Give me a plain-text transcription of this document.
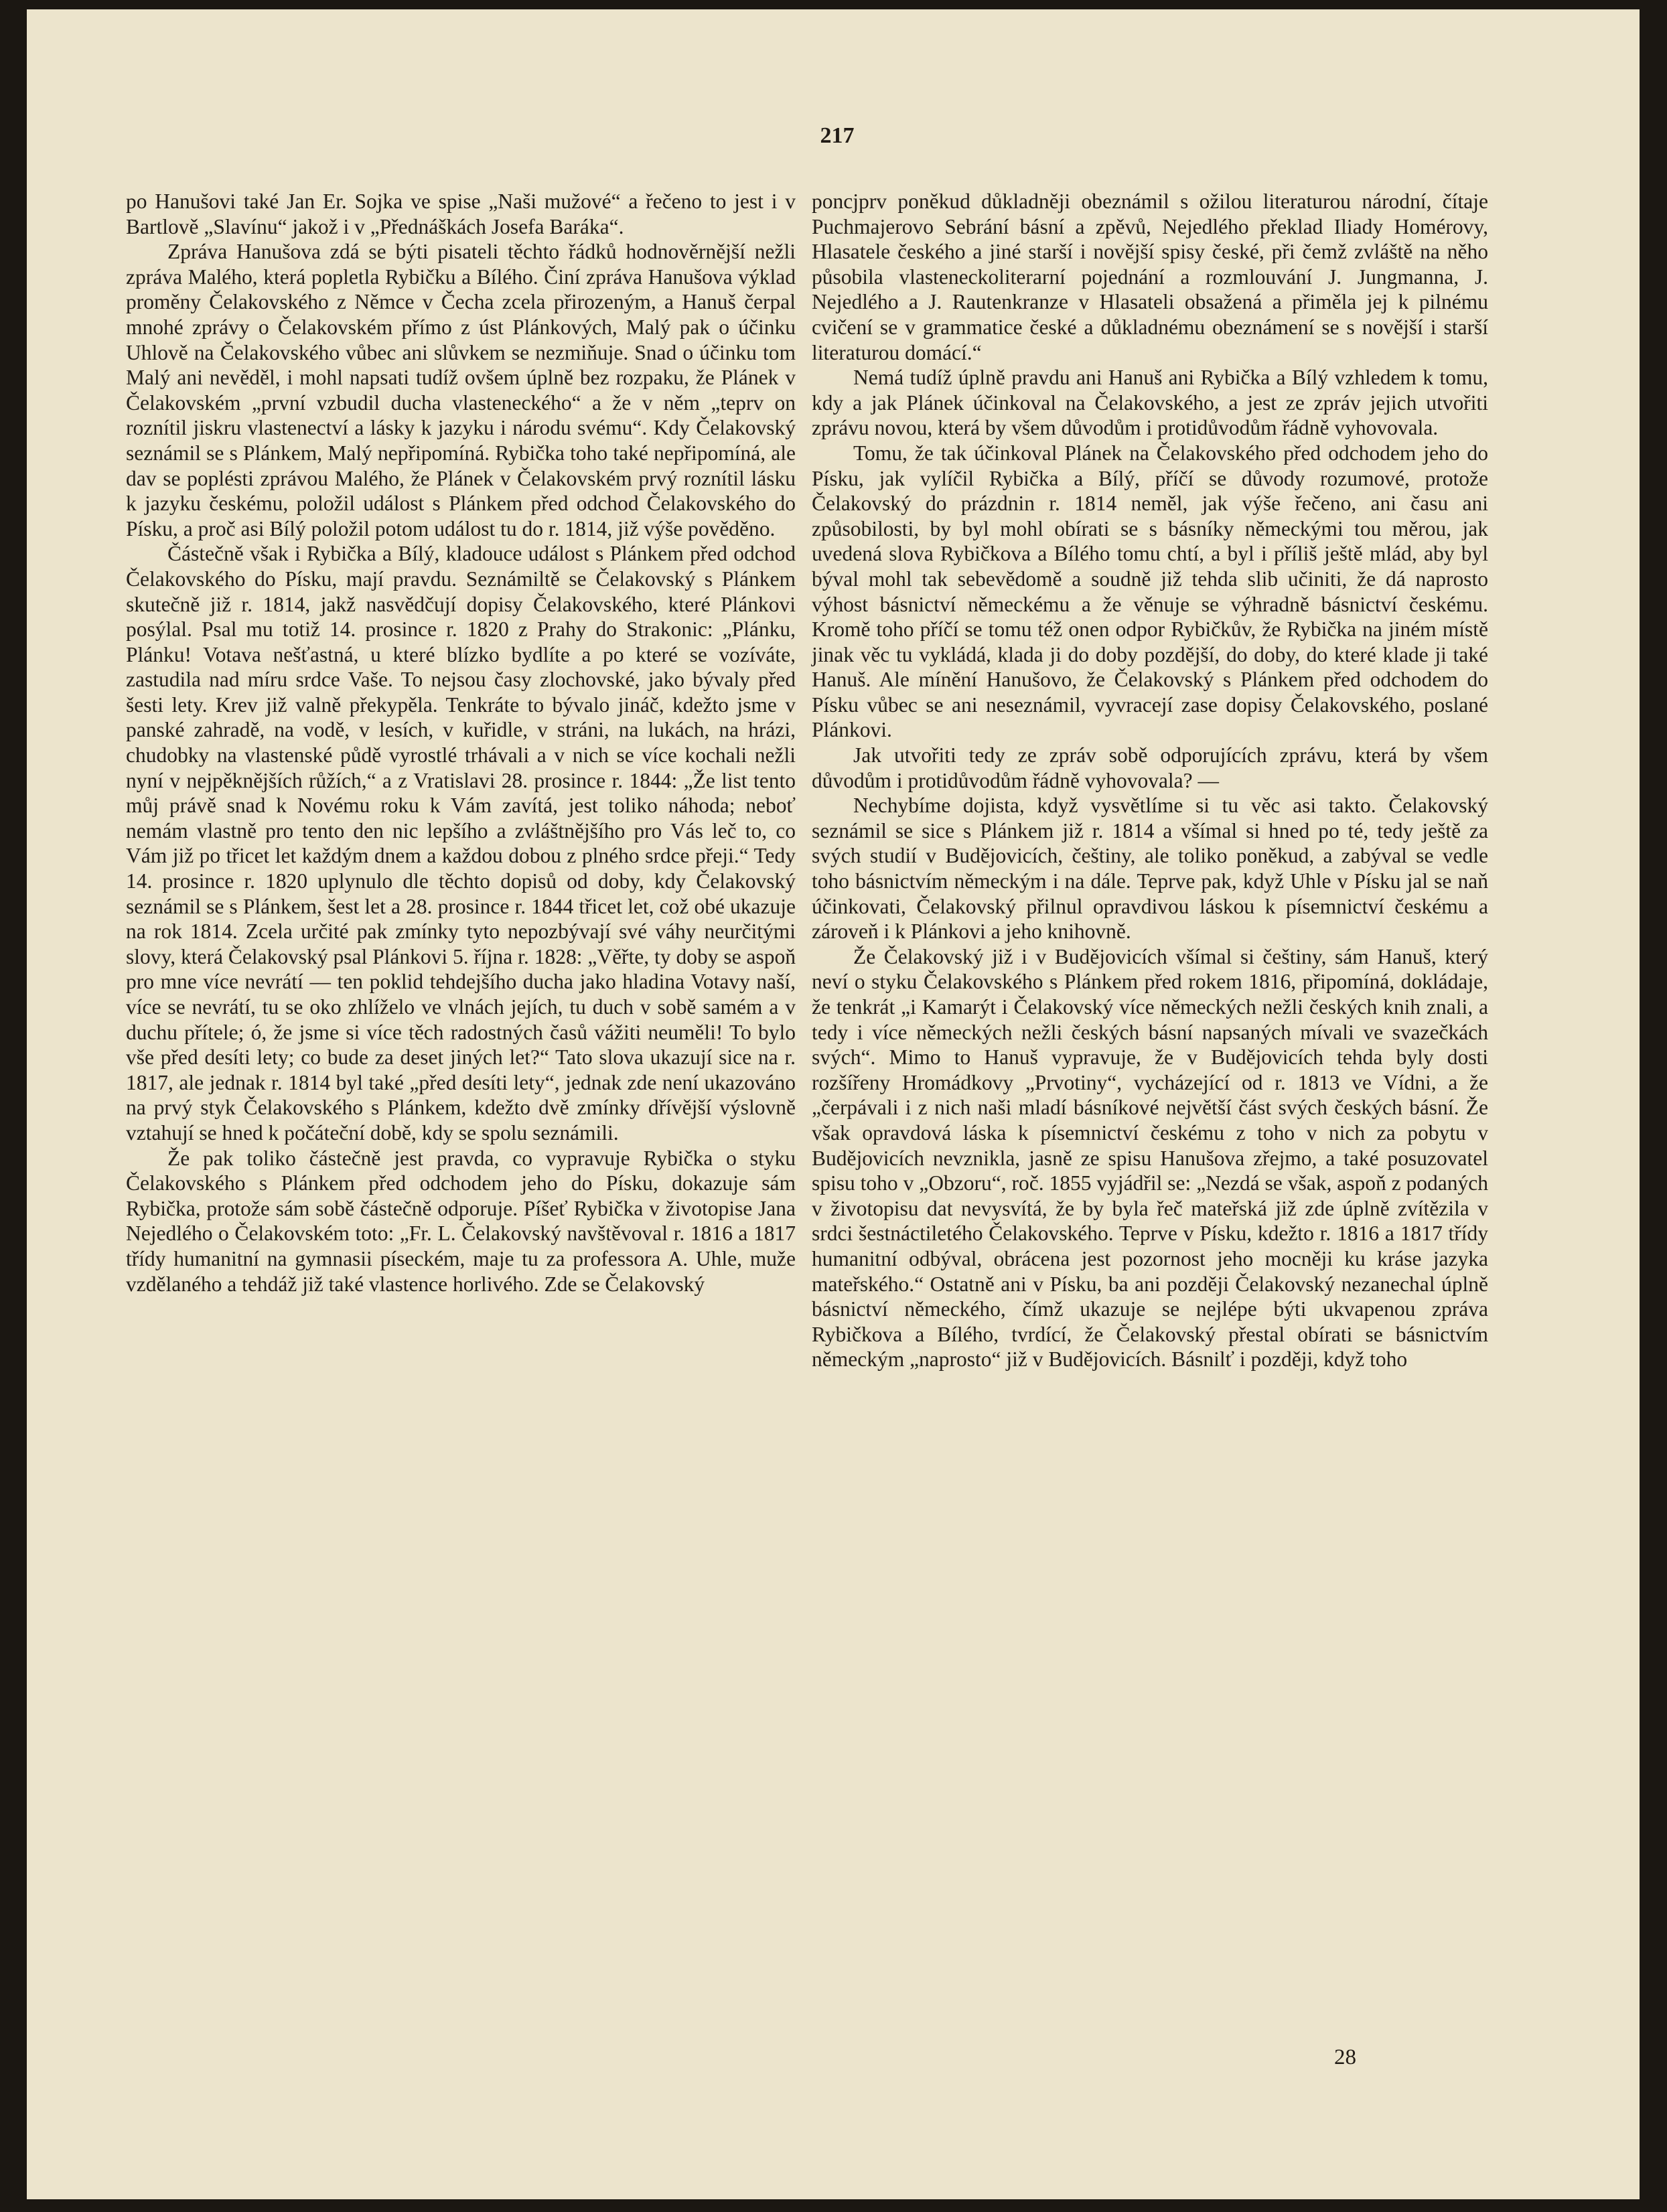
217

po Hanušovi také Jan Er. Sojka ve spise „Naši mužové“ a řečeno to jest i v Bartlově „Slavínu“ jakož i v „Přednáškách Josefa Baráka“.

Zpráva Hanušova zdá se býti pisateli těchto řádků hodnověrnější nežli zpráva Malého, která popletla Rybičku a Bílého. Činí zpráva Hanušova výklad proměny Čelakovského z Němce v Čecha zcela přirozeným, a Hanuš čerpal mnohé zprávy o Čelakovském přímo z úst Plánkových, Malý pak o účinku Uhlově na Čelakovského vůbec ani slůvkem se nezmiňuje. Snad o účinku tom Malý ani nevěděl, i mohl napsati tudíž ovšem úplně bez rozpaku, že Plánek v Čelakovském „první vzbudil ducha vlasteneckého“ a že v něm „teprv on roznítil jiskru vlastenectví a lásky k jazyku i národu svému“. Kdy Čelakovský seznámil se s Plánkem, Malý nepřipomíná. Rybička toho také nepřipomíná, ale dav se poplésti zprávou Malého, že Plánek v Čelakovském prvý roznítil lásku k jazyku českému, položil událost s Plánkem před odchod Čelakovského do Písku, a proč asi Bílý položil potom událost tu do r. 1814, již výše pověděno.

Částečně však i Rybička a Bílý, kladouce událost s Plánkem před odchod Čelakovského do Písku, mají pravdu. Seznámiltě se Čelakovský s Plánkem skutečně již r. 1814, jakž nasvědčují dopisy Čelakovského, které Plánkovi posýlal. Psal mu totiž 14. prosince r. 1820 z Prahy do Strakonic: „Plánku, Plánku! Votava nešťastná, u které blízko bydlíte a po které se vozíváte, zastudila nad míru srdce Vaše. To nejsou časy zlochovské, jako bývaly před šesti lety. Krev již valně překypěla. Tenkráte to bývalo jináč, kdežto jsme v panské zahradě, na vodě, v lesích, v kuřidle, v stráni, na lukách, na hrázi, chudobky na vlastenské půdě vyrostlé trhávali a v nich se více kochali nežli nyní v nejpěknějších růžích,“ a z Vratislavi 28. prosince r. 1844: „Že list tento můj právě snad k Novému roku k Vám zavítá, jest toliko náhoda; neboť nemám vlastně pro tento den nic lepšího a zvláštnějšího pro Vás leč to, co Vám již po třicet let každým dnem a každou dobou z plného srdce přeji.“ Tedy 14. prosince r. 1820 uplynulo dle těchto dopisů od doby, kdy Čelakovský seznámil se s Plánkem, šest let a 28. prosince r. 1844 třicet let, což obé ukazuje na rok 1814. Zcela určité pak zmínky tyto nepozbývají své váhy neurčitými slovy, která Čelakovský psal Plánkovi 5. října r. 1828: „Věřte, ty doby se aspoň pro mne více nevrátí — ten poklid tehdejšího ducha jako hladina Votavy naší, více se nevrátí, tu se oko zhlíželo ve vlnách jejích, tu duch v sobě samém a v duchu přítele; ó, že jsme si více těch radostných časů vážiti neuměli! To bylo vše před desíti lety; co bude za deset jiných let?“ Tato slova ukazují sice na r. 1817, ale jednak r. 1814 byl také „před desíti lety“, jednak zde není ukazováno na prvý styk Čelakovského s Plánkem, kdežto dvě zmínky dřívější výslovně vztahují se hned k počáteční době, kdy se spolu seznámili.

Že pak toliko částečně jest pravda, co vypravuje Rybička o styku Čelakovského s Plánkem před odchodem jeho do Písku, dokazuje sám Rybička, protože sám sobě částečně odporuje. Píšeť Rybička v životopise Jana Nejedlého o Čelakovském toto: „Fr. L. Čelakovský navštěvoval r. 1816 a 1817 třídy humanitní na gymnasii píseckém, maje tu za professora A. Uhle, muže vzdělaného a tehdáž již také vlastence horlivého. Zde se Čelakovský

poncjprv poněkud důkladněji obeznámil s ožilou literaturou národní, čítaje Puchmajerovo Sebrání básní a zpěvů, Nejedlého překlad Iliady Homérovy, Hlasatele českého a jiné starší i novější spisy české, při čemž zvláště na něho působila vlasteneckoliterarní pojednání a rozmlouvání J. Jungmanna, J. Nejedlého a J. Rautenkranze v Hlasateli obsažená a přiměla jej k pilnému cvičení se v grammatice české a důkladnému obeznámení se s novější i starší literaturou domácí.“

Nemá tudíž úplně pravdu ani Hanuš ani Rybička a Bílý vzhledem k tomu, kdy a jak Plánek účinkoval na Čelakovského, a jest ze zpráv jejich utvořiti zprávu novou, která by všem důvodům i protidůvodům řádně vyhovovala.

Tomu, že tak účinkoval Plánek na Čelakovského před odchodem jeho do Písku, jak vylíčil Rybička a Bílý, příčí se důvody rozumové, protože Čelakovský do prázdnin r. 1814 neměl, jak výše řečeno, ani času ani způsobilosti, by byl mohl obírati se s básníky německými tou měrou, jak uvedená slova Rybičkova a Bílého tomu chtí, a byl i příliš ještě mlád, aby byl býval mohl tak sebevědomě a soudně již tehda slib učiniti, že dá naprosto výhost básnictví německému a že věnuje se výhradně básnictví českému. Kromě toho příčí se tomu též onen odpor Rybičkův, že Rybička na jiném místě jinak věc tu vykládá, klada ji do doby pozdější, do doby, do které klade ji také Hanuš. Ale mínění Hanušovo, že Čelakovský s Plánkem před odchodem do Písku vůbec se ani neseznámil, vyvracejí zase dopisy Čelakovského, poslané Plánkovi.

Jak utvořiti tedy ze zpráv sobě odporujících zprávu, která by všem důvodům i protidůvodům řádně vyhovovala? —

Nechybíme dojista, když vysvětlíme si tu věc asi takto. Čelakovský seznámil se sice s Plánkem již r. 1814 a všímal si hned po té, tedy ještě za svých studií v Budějovicích, češtiny, ale toliko poněkud, a zabýval se vedle toho básnictvím německým i na dále. Teprve pak, když Uhle v Písku jal se naň účinkovati, Čelakovský přilnul opravdivou láskou k písemnictví českému a zároveň i k Plánkovi a jeho knihovně.

Že Čelakovský již i v Budějovicích všímal si češtiny, sám Hanuš, který neví o styku Čelakovského s Plánkem před rokem 1816, připomíná, dokládaje, že tenkrát „i Kamarýt i Čelakovský více německých nežli českých knih znali, a tedy i více německých nežli českých básní napsaných mívali ve svazečkách svých“. Mimo to Hanuš vypravuje, že v Budějovicích tehda byly dosti rozšířeny Hromádkovy „Prvotiny“, vycházející od r. 1813 ve Vídni, a že „čerpávali i z nich naši mladí básníkové největší část svých českých básní. Že však opravdová láska k písemnictví českému z toho v nich za pobytu v Budějovicích nevznikla, jasně ze spisu Hanušova zřejmo, a také posuzovatel spisu toho v „Obzoru“, roč. 1855 vyjádřil se: „Nezdá se však, aspoň z podaných v životopisu dat nevysvítá, že by byla řeč mateřská již zde úplně zvítězila v srdci šestnáctiletého Čelakovského. Teprve v Písku, kdežto r. 1816 a 1817 třídy humanitní odbýval, obrácena jest pozornost jeho mocněji ku kráse jazyka mateřského.“ Ostatně ani v Písku, ba ani později Čelakovský nezanechal úplně básnictví německého, čímž ukazuje se nejlépe býti ukvapenou zpráva Rybičkova a Bílého, tvrdící, že Čelakovský přestal obírati se básnictvím německým „naprosto“ již v Budějovicích. Básnilť i později, když toho

28
